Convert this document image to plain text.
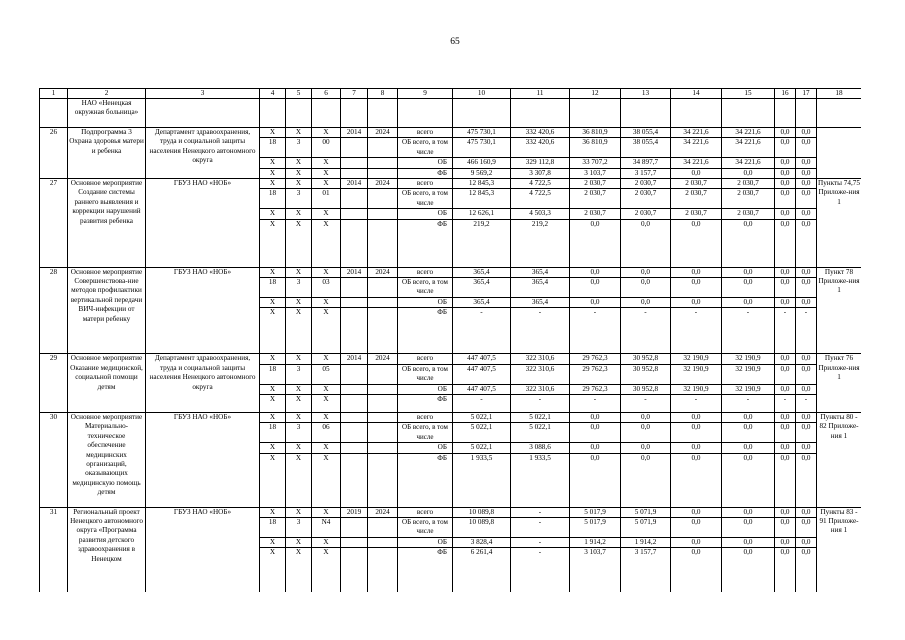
65
1	2	3	4	5	6	7	8	9	10	11	12	13	14	15	16	17	18
	НАО «Ненецкая окружная больница»																
26	Подпрограмма 3 Охрана здоровья матери и ребенка	Департамент здравоохранения, труда и социальной защиты населения Ненецкого автономного округа	X	X	X	2014	2024	всего	475 730,1	332 420,6	36 810,9	38 055,4	34 221,6	34 221,6	0,0	0,0	
			18	3	00			ОБ всего, в том числе	475 730,1	332 420,6	36 810,9	38 055,4	34 221,6	34 221,6	0,0	0,0	
			X	X	X			ОБ	466 160,9	329 112,8	33 707,2	34 897,7	34 221,6	34 221,6	0,0	0,0	
			X	X	X			ФБ	9 569,2	3 307,8	3 103,7	3 157,7	0,0	0,0	0,0	0,0	
27	Основное мероприятие Создание системы раннего выявления и коррекции нарушений развития ребенка	ГБУЗ НАО «НОБ»	X	X	X	2014	2024	всего	12 845,3	4 722,5	2 030,7	2 030,7	2 030,7	2 030,7	0,0	0,0	Пункты 74,75 Приложе-ния 1
			18	3	01			ОБ всего, в том числе	12 845,3	4 722,5	2 030,7	2 030,7	2 030,7	2 030,7	0,0	0,0	
			X	X	X			ОБ	12 626,1	4 503,3	2 030,7	2 030,7	2 030,7	2 030,7	0,0	0,0	
			X	X	X			ФБ	219,2	219,2	0,0	0,0	0,0	0,0	0,0	0,0	
28	Основное мероприятие Совершенствова-ние методов профилактики вертикальной передачи ВИЧ-инфекции от матери ребенку	ГБУЗ НАО «НОБ»	X	X	X	2014	2024	всего	365,4	365,4	0,0	0,0	0,0	0,0	0,0	0,0	Пункт 78 Приложе-ния 1
			18	3	03			ОБ всего, в том числе	365,4	365,4	0,0	0,0	0,0	0,0	0,0	0,0	
			X	X	X			ОБ	365,4	365,4	0,0	0,0	0,0	0,0	0,0	0,0	
			X	X	X			ФБ	-	-	-	-	-	-	-	-	
29	Основное мероприятие Оказание медицинской, социальной помощи детям	Департамент здравоохранения, труда и социальной защиты населения Ненецкого автономного округа	X	X	X	2014	2024	всего	447 407,5	322 310,6	29 762,3	30 952,8	32 190,9	32 190,9	0,0	0,0	Пункт 76 Приложе-ния 1
			18	3	05			ОБ всего, в том числе	447 407,5	322 310,6	29 762,3	30 952,8	32 190,9	32 190,9	0,0	0,0	
			X	X	X			ОБ	447 407,5	322 310,6	29 762,3	30 952,8	32 190,9	32 190,9	0,0	0,0	
			X	X	X			ФБ	-	-	-	-	-	-	-	-	
30	Основное мероприятие Материально-техническое обеспечение медицинских организаций, оказывающих медицинскую помощь детям	ГБУЗ НАО «НОБ»	X	X	X			всего	5 022,1	5 022,1	0,0	0,0	0,0	0,0	0,0	0,0	Пункты 80 - 82 Приложе-ния 1
			18	3	06			ОБ всего, в том числе	5 022,1	5 022,1	0,0	0,0	0,0	0,0	0,0	0,0	
			X	X	X			ОБ	5 022,1	3 088,6	0,0	0,0	0,0	0,0	0,0	0,0	
			X	X	X			ФБ	1 933,5	1 933,5	0,0	0,0	0,0	0,0	0,0	0,0	
31	Региональный проект Ненецкого автономного округа «Программа развития детского здравоохранения в Ненецком	ГБУЗ НАО «НОБ»	X	X	X	2019	2024	всего	10 089,8	-	5 017,9	5 071,9	0,0	0,0	0,0	0,0	Пункты 83 - 91 Приложе-ния 1
			18	3	N4			ОБ всего, в том числе	10 089,8	-	5 017,9	5 071,9	0,0	0,0	0,0	0,0	
			X	X	X			ОБ	3 828,4	-	1 914,2	1 914,2	0,0	0,0	0,0	0,0	
			X	X	X			ФБ	6 261,4	-	3 103,7	3 157,7	0,0	0,0	0,0	0,0	
